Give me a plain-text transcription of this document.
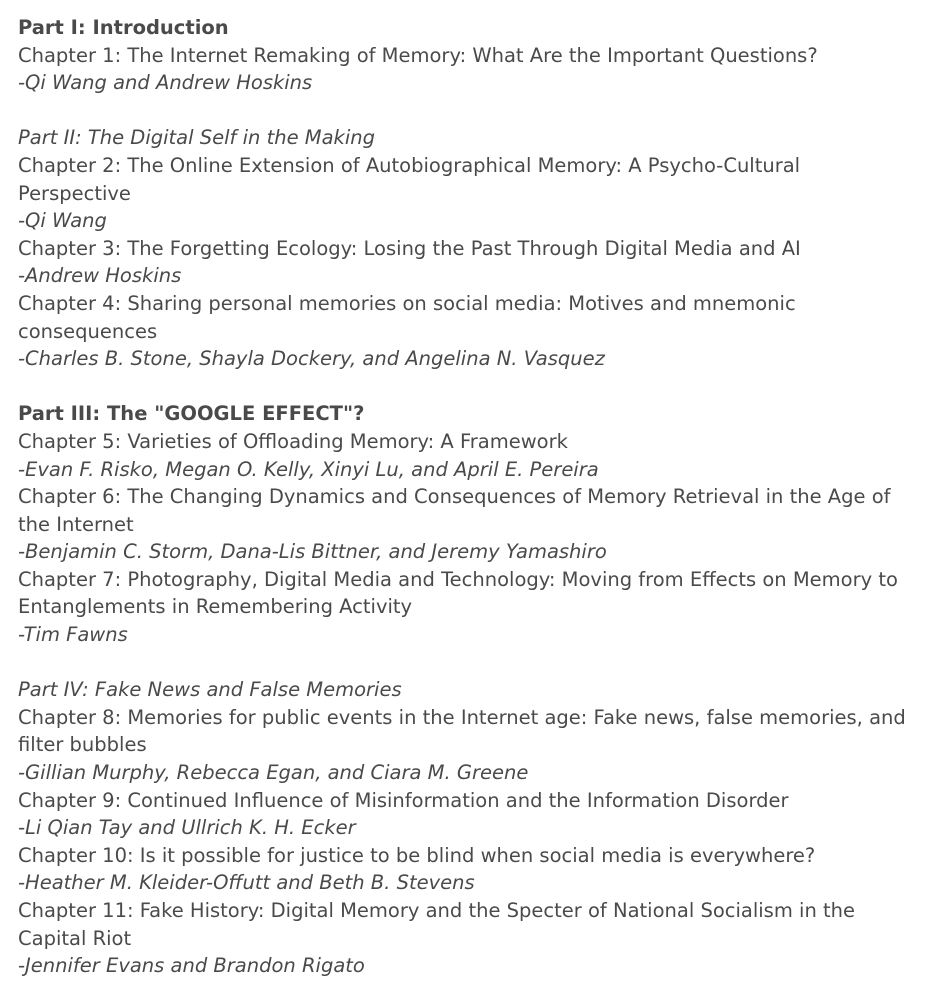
Part I: Introduction
Chapter 1: The Internet Remaking of Memory: What Are the Important Questions?
-Qi Wang and Andrew Hoskins
Part II: The Digital Self in the Making
Chapter 2: The Online Extension of Autobiographical Memory: A Psycho-Cultural Perspective
-Qi Wang
Chapter 3: The Forgetting Ecology: Losing the Past Through Digital Media and AI
-Andrew Hoskins
Chapter 4: Sharing personal memories on social media: Motives and mnemonic consequences
-Charles B. Stone, Shayla Dockery, and Angelina N. Vasquez
Part III: The "GOOGLE EFFECT"?
Chapter 5: Varieties of Offloading Memory: A Framework
-Evan F. Risko, Megan O. Kelly, Xinyi Lu, and April E. Pereira
Chapter 6: The Changing Dynamics and Consequences of Memory Retrieval in the Age of the Internet
-Benjamin C. Storm, Dana-Lis Bittner, and Jeremy Yamashiro
Chapter 7: Photography, Digital Media and Technology: Moving from Effects on Memory to Entanglements in Remembering Activity
-Tim Fawns
Part IV: Fake News and False Memories
Chapter 8: Memories for public events in the Internet age: Fake news, false memories, and filter bubbles
-Gillian Murphy, Rebecca Egan, and Ciara M. Greene
Chapter 9: Continued Influence of Misinformation and the Information Disorder
-Li Qian Tay and Ullrich K. H. Ecker
Chapter 10: Is it possible for justice to be blind when social media is everywhere?
-Heather M. Kleider-Offutt and Beth B. Stevens
Chapter 11: Fake History: Digital Memory and the Specter of National Socialism in the Capital Riot
-Jennifer Evans and Brandon Rigato
